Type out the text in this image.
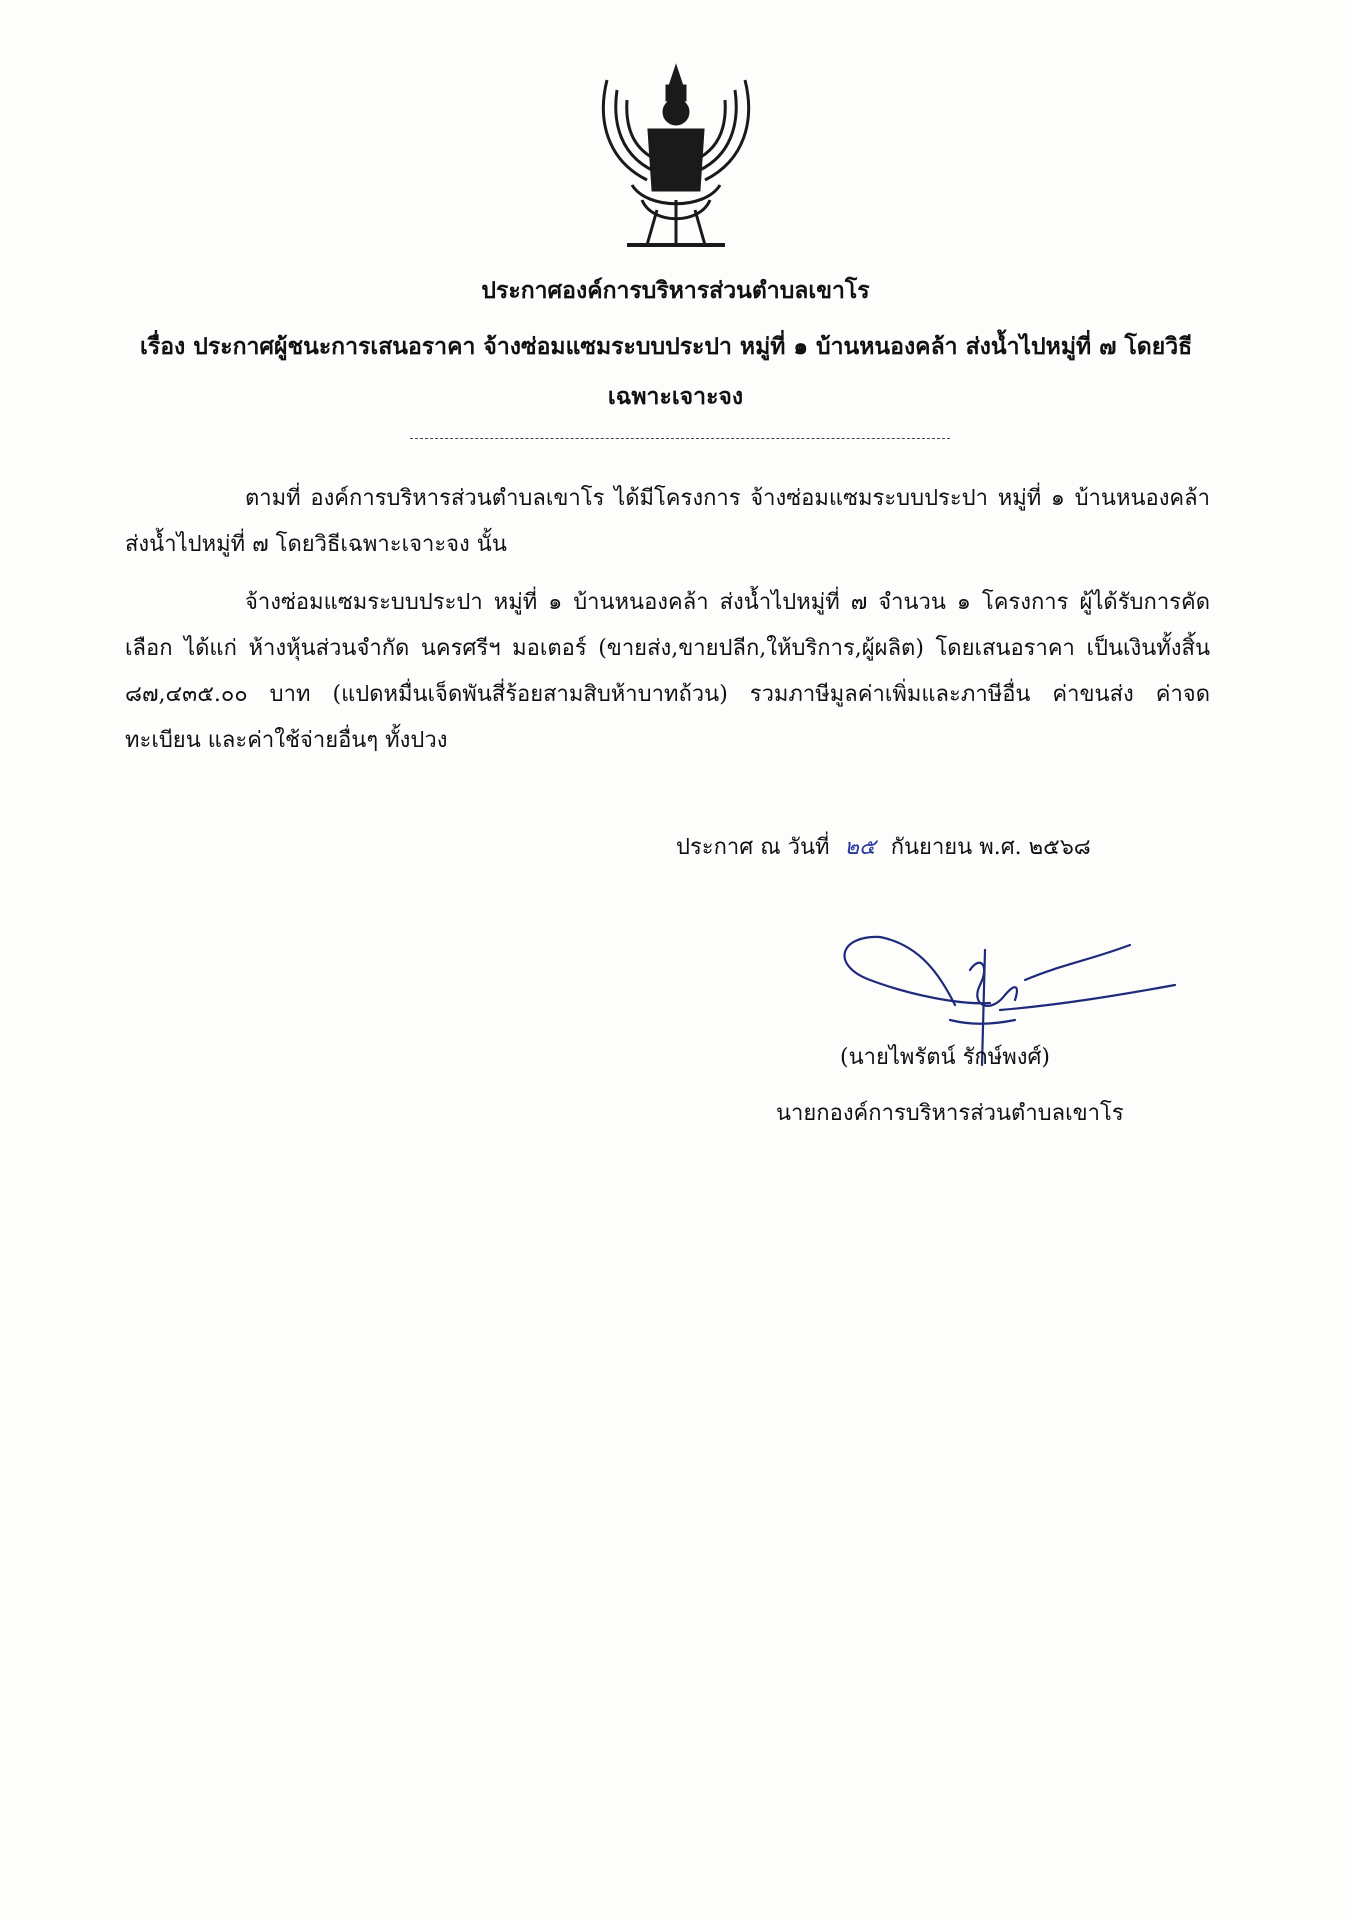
ประกาศองค์การบริหารส่วนตำบลเขาโร
เรื่อง ประกาศผู้ชนะการเสนอราคา จ้างซ่อมแซมระบบประปา หมู่ที่ ๑ บ้านหนองคล้า ส่งน้ำไปหมู่ที่ ๗ โดยวิธี
เฉพาะเจาะจง
ตามที่ องค์การบริหารส่วนตำบลเขาโร ได้มีโครงการ จ้างซ่อมแซมระบบประปา หมู่ที่ ๑ บ้านหนองคล้า ส่งน้ำไปหมู่ที่ ๗ โดยวิธีเฉพาะเจาะจง นั้น
จ้างซ่อมแซมระบบประปา หมู่ที่ ๑ บ้านหนองคล้า ส่งน้ำไปหมู่ที่ ๗ จำนวน ๑ โครงการ ผู้ได้รับการคัดเลือก ได้แก่ ห้างหุ้นส่วนจำกัด นครศรีฯ มอเตอร์ (ขายส่ง,ขายปลีก,ให้บริการ,ผู้ผลิต) โดยเสนอราคา เป็นเงินทั้งสิ้น ๘๗,๔๓๕.๐๐ บาท (แปดหมื่นเจ็ดพันสี่ร้อยสามสิบห้าบาทถ้วน) รวมภาษีมูลค่าเพิ่มและภาษีอื่น ค่าขนส่ง ค่าจดทะเบียน และค่าใช้จ่ายอื่นๆ ทั้งปวง
ประกาศ ณ วันที่ ๒๕ กันยายน พ.ศ. ๒๕๖๘
(นายไพรัตน์ รักษ์พงศ์)
นายกองค์การบริหารส่วนตำบลเขาโร
